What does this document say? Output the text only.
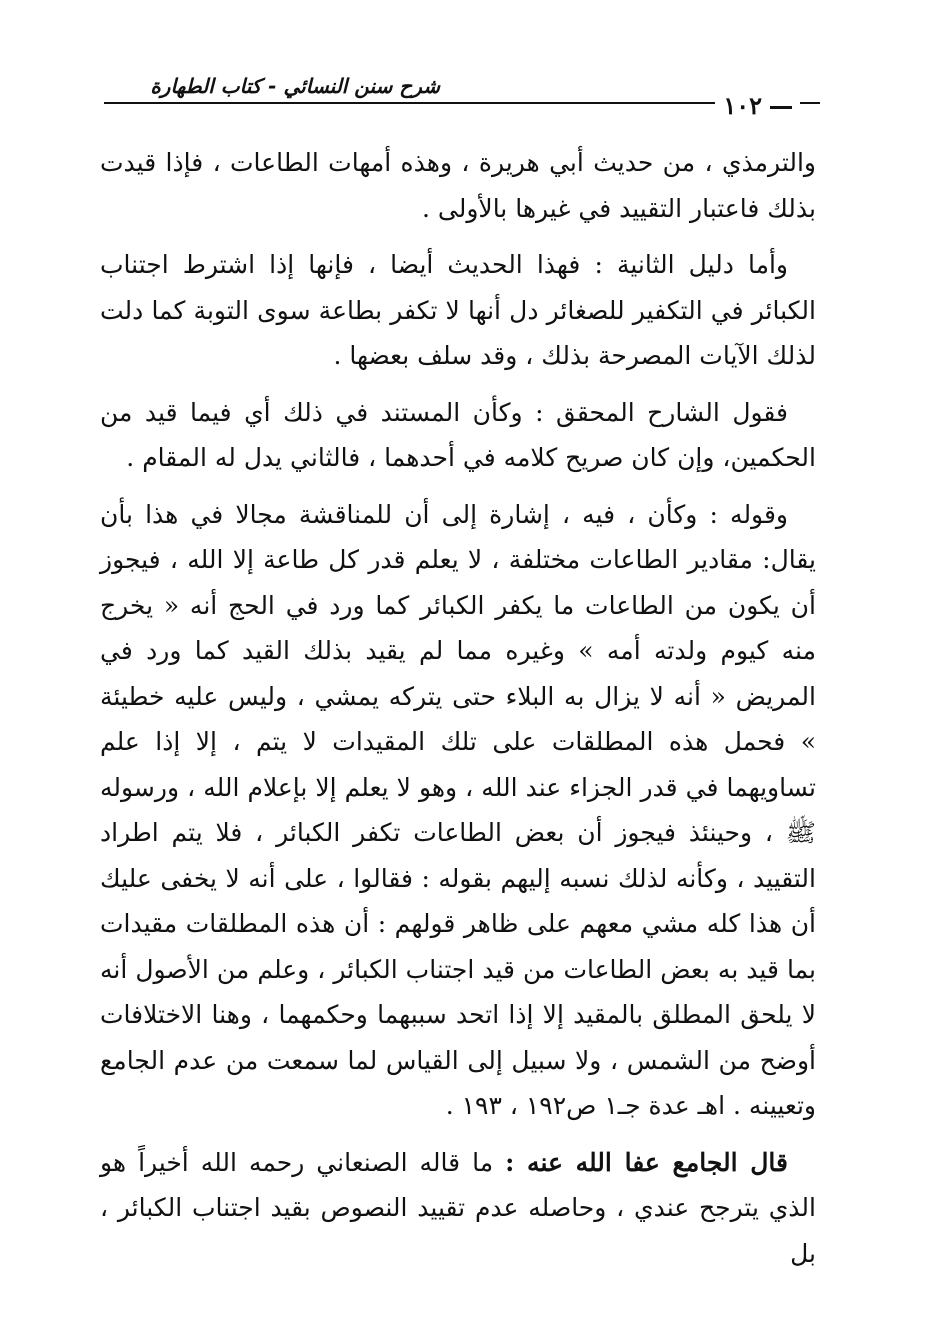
شرح سنن النسائي - كتاب الطهارة
١٠٢

والترمذي ، من حديث أبي هريرة ، وهذه أمهات الطاعات ، فإذا قيدت بذلك فاعتبار التقييد في غيرها بالأولى .

وأما دليل الثانية : فهذا الحديث أيضا ، فإنها إذا اشترط اجتناب الكبائر في التكفير للصغائر دل أنها لا تكفر بطاعة سوى التوبة كما دلت لذلك الآيات المصرحة بذلك ، وقد سلف بعضها .

فقول الشارح المحقق : وكأن المستند في ذلك أي فيما قيد من الحكمين، وإن كان صريح كلامه في أحدهما ، فالثاني يدل له المقام .

وقوله : وكأن ، فيه ، إشارة إلى أن للمناقشة مجالا في هذا بأن يقال: مقادير الطاعات مختلفة ، لا يعلم قدر كل طاعة إلا الله ، فيجوز أن يكون من الطاعات ما يكفر الكبائر كما ورد في الحج أنه « يخرج منه كيوم ولدته أمه » وغيره مما لم يقيد بذلك القيد كما ورد في المريض « أنه لا يزال به البلاء حتى يتركه يمشي ، وليس عليه خطيئة » فحمل هذه المطلقات على تلك المقيدات لا يتم ، إلا إذا علم تساويهما في قدر الجزاء عند الله ، وهو لا يعلم إلا بإعلام الله ، ورسوله ﷺ ، وحينئذ فيجوز أن بعض الطاعات تكفر الكبائر ، فلا يتم اطراد التقييد ، وكأنه لذلك نسبه إليهم بقوله : فقالوا ، على أنه لا يخفى عليك أن هذا كله مشي معهم على ظاهر قولهم : أن هذه المطلقات مقيدات بما قيد به بعض الطاعات من قيد اجتناب الكبائر ، وعلم من الأصول أنه لا يلحق المطلق بالمقيد إلا إذا اتحد سببهما وحكمهما ، وهنا الاختلافات أوضح من الشمس ، ولا سبيل إلى القياس لما سمعت من عدم الجامع وتعيينه . اهـ عدة جـ١ ص١٩٢ ، ١٩٣ .

قال الجامع عفا الله عنه : ما قاله الصنعاني رحمه الله أخيراً هو الذي يترجح عندي ، وحاصله عدم تقييد النصوص بقيد اجتناب الكبائر ، بل
